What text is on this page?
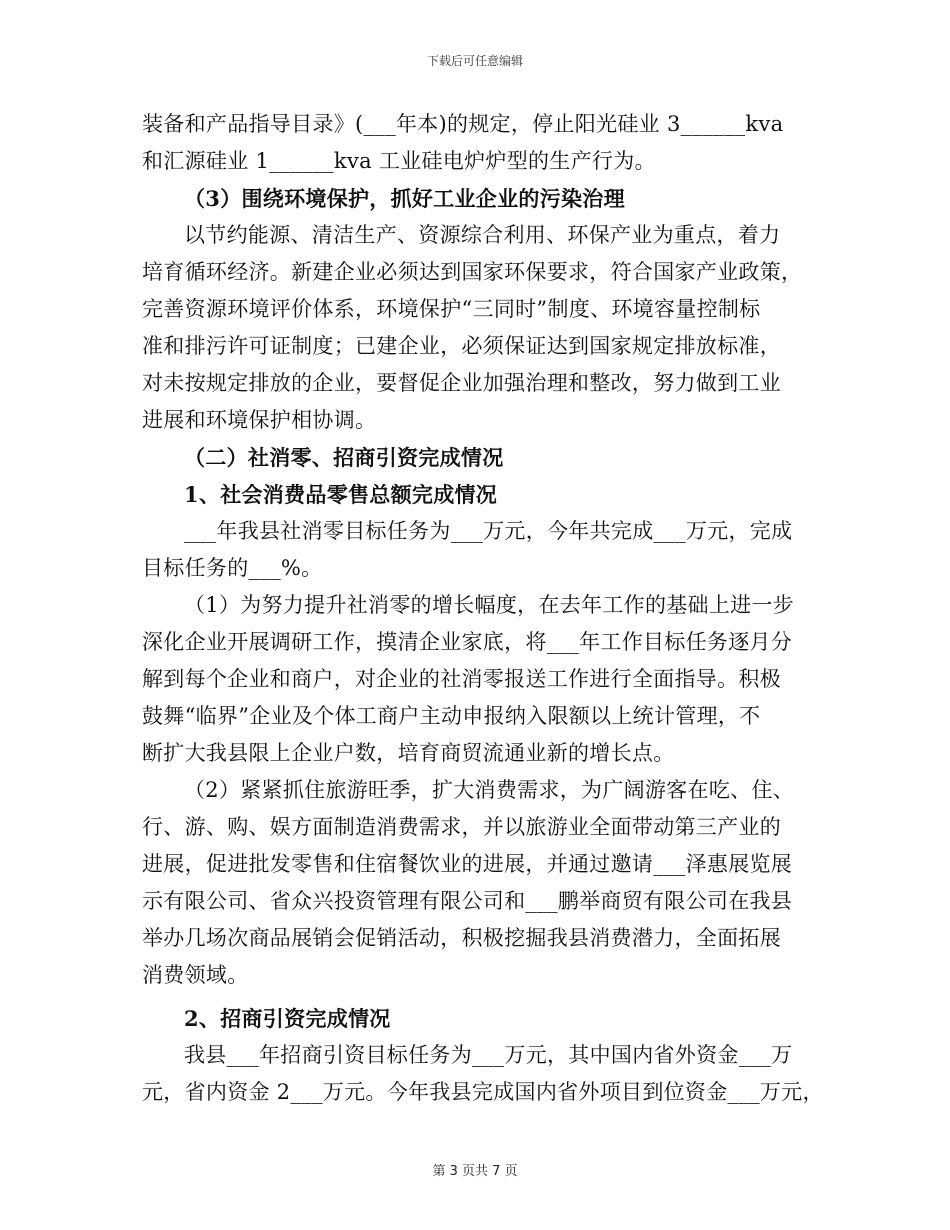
下载后可任意编辑
装备和产品指导目录》(___年本)的规定，停止阳光硅业 3______kva
和汇源硅业 1______kva 工业硅电炉炉型的生产行为。
（3）围绕环境保护，抓好工业企业的污染治理
以节约能源、清洁生产、资源综合利用、环保产业为重点，着力
培育循环经济。新建企业必须达到国家环保要求，符合国家产业政策，
完善资源环境评价体系，环境保护“三同时”制度、环境容量控制标
准和排污许可证制度；已建企业，必须保证达到国家规定排放标准，
对未按规定排放的企业，要督促企业加强治理和整改，努力做到工业
进展和环境保护相协调。
（二）社消零、招商引资完成情况
1、社会消费品零售总额完成情况
___年我县社消零目标任务为___万元，今年共完成___万元，完成
目标任务的___%。
（1）为努力提升社消零的增长幅度，在去年工作的基础上进一步
深化企业开展调研工作，摸清企业家底，将___年工作目标任务逐月分
解到每个企业和商户，对企业的社消零报送工作进行全面指导。积极
鼓舞“临界”企业及个体工商户主动申报纳入限额以上统计管理，不
断扩大我县限上企业户数，培育商贸流通业新的增长点。
（2）紧紧抓住旅游旺季，扩大消费需求，为广阔游客在吃、住、
行、游、购、娱方面制造消费需求，并以旅游业全面带动第三产业的
进展，促进批发零售和住宿餐饮业的进展，并通过邀请___泽惠展览展
示有限公司、省众兴投资管理有限公司和___鹏举商贸有限公司在我县
举办几场次商品展销会促销活动，积极挖掘我县消费潜力，全面拓展
消费领域。
2、招商引资完成情况
我县___年招商引资目标任务为___万元，其中国内省外资金___万
元，省内资金 2___万元。今年我县完成国内省外项目到位资金___万元，
第 3 页共 7 页
